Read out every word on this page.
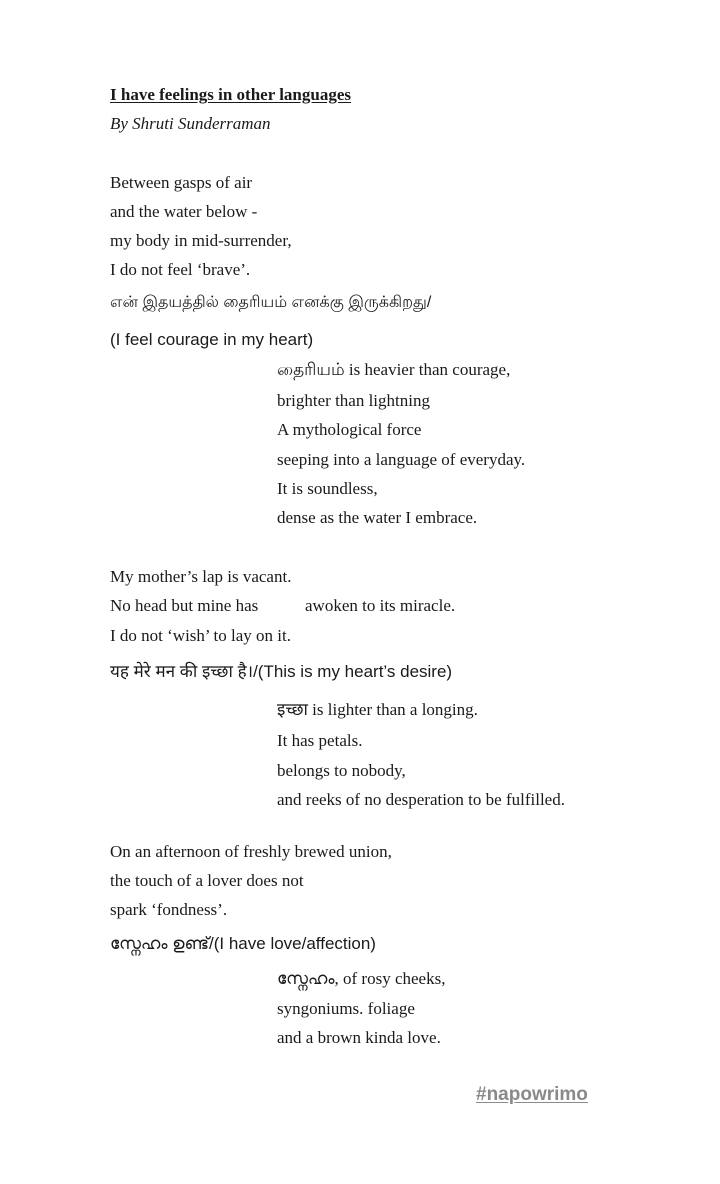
I have feelings in other languages
By Shruti Sunderraman
Between gasps of air
and the water below -
my body in mid-surrender,
I do not feel ‘brave’.
என் இதயத்தில் தைரியம் எனக்கு இருக்கிறது/
(I feel courage in my heart)
தைரியம் is heavier than courage,
brighter than lightning
A mythological force
seeping into a language of everyday.
It is soundless,
dense as the water I embrace.
My mother’s lap is vacant.
No head but mine has	awoken to its miracle.
I do not ‘wish’ to lay on it.
यह मेरे मन की इच्छा है।/(This is my heart’s desire)
इच्छा is lighter than a longing.
It has petals.
belongs to nobody,
and reeks of no desperation to be fulfilled.
On an afternoon of freshly brewed union,
the touch of a lover does not
spark ‘fondness’.
സ്നേഹം ഉണ്ട്/(I have love/affection)
സ്നേഹം, of rosy cheeks,
syngoniums. foliage
and a brown kinda love.
#napowrimo
